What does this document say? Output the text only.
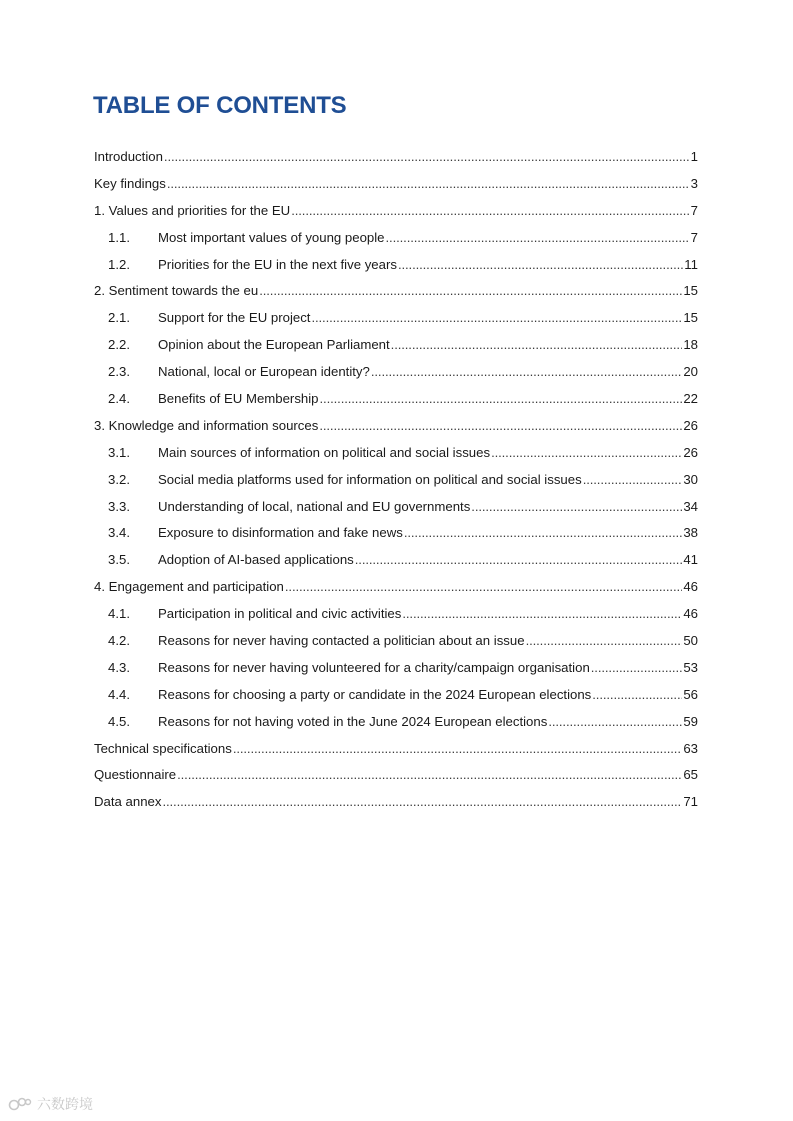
TABLE OF CONTENTS
Introduction . . .	1
Key findings . . .	3
1. Values and priorities for the EU . . .	7
1.1.	Most important values of young people . . .	7
1.2.	Priorities for the EU in the next five years . . .	11
2. Sentiment towards the eu . . .	15
2.1.	Support for the EU project . . .	15
2.2.	Opinion about the European Parliament . . .	18
2.3.	National, local or European identity? . . .	20
2.4.	Benefits of EU Membership . . .	22
3. Knowledge and information sources . . .	26
3.1.	Main sources of information on political and social issues . . .	26
3.2.	Social media platforms used for information on political and social issues . . .	30
3.3.	Understanding of local, national and EU governments . . .	34
3.4.	Exposure to disinformation and fake news . . .	38
3.5.	Adoption of AI-based applications . . .	41
4. Engagement and participation . . .	46
4.1.	Participation in political and civic activities . . .	46
4.2.	Reasons for never having contacted a politician about an issue . . .	50
4.3.	Reasons for never having volunteered for a charity/campaign organisation . . .	53
4.4.	Reasons for choosing a party or candidate in the 2024 European elections . . .	56
4.5.	Reasons for not having voted in the June 2024 European elections . . .	59
Technical specifications . . .	63
Questionnaire . . .	65
Data annex . . .	71
六数跨境
